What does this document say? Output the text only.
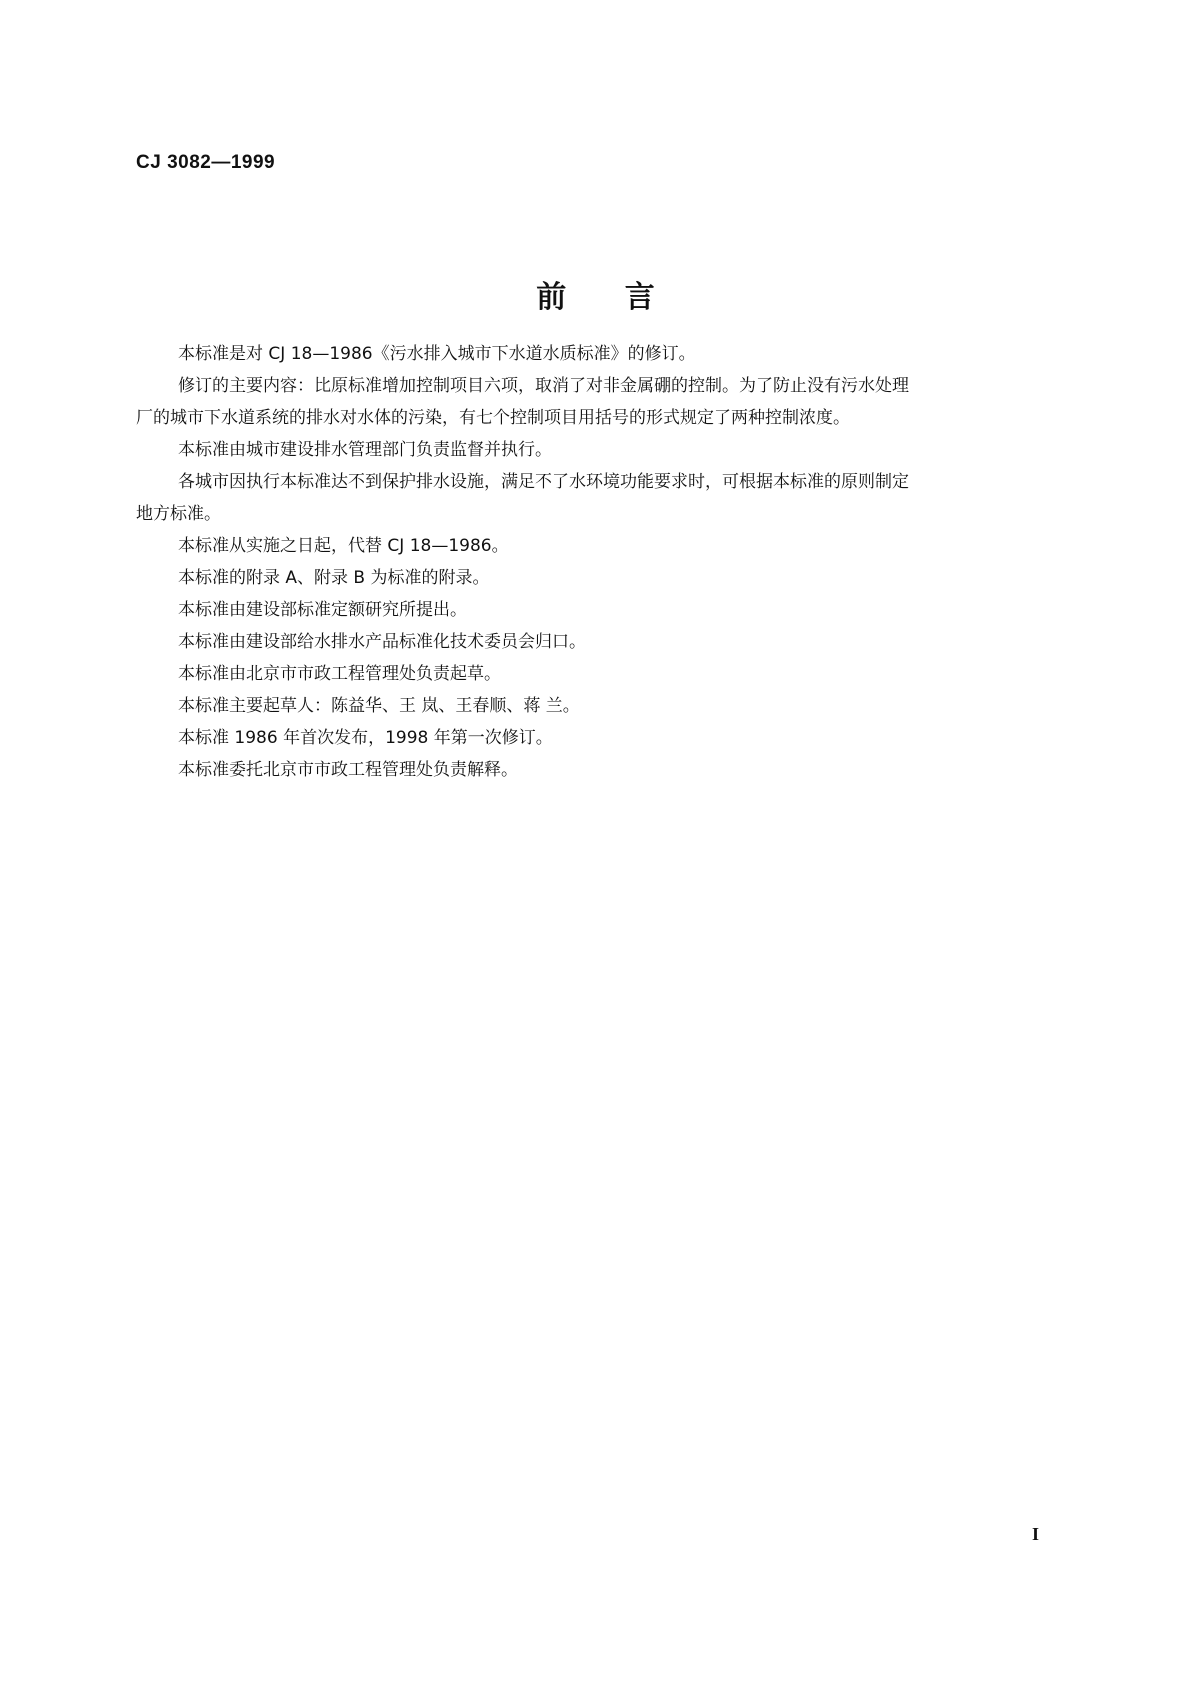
CJ 3082—1999
前 言

本标准是对 CJ 18—1986《污水排入城市下水道水质标准》的修订。

修订的主要内容：比原标准增加控制项目六项，取消了对非金属硼的控制。为了防止没有污水处理
厂的城市下水道系统的排水对水体的污染，有七个控制项目用括号的形式规定了两种控制浓度。

本标准由城市建设排水管理部门负责监督并执行。

各城市因执行本标准达不到保护排水设施，满足不了水环境功能要求时，可根据本标准的原则制定
地方标准。

本标准从实施之日起，代替 CJ 18—1986。

本标准的附录 A、附录 B 为标准的附录。

本标准由建设部标准定额研究所提出。

本标准由建设部给水排水产品标准化技术委员会归口。

本标准由北京市市政工程管理处负责起草。

本标准主要起草人：陈益华、王 岚、王春顺、蒋 兰。

本标准 1986 年首次发布，1998 年第一次修订。

本标准委托北京市市政工程管理处负责解释。

I
